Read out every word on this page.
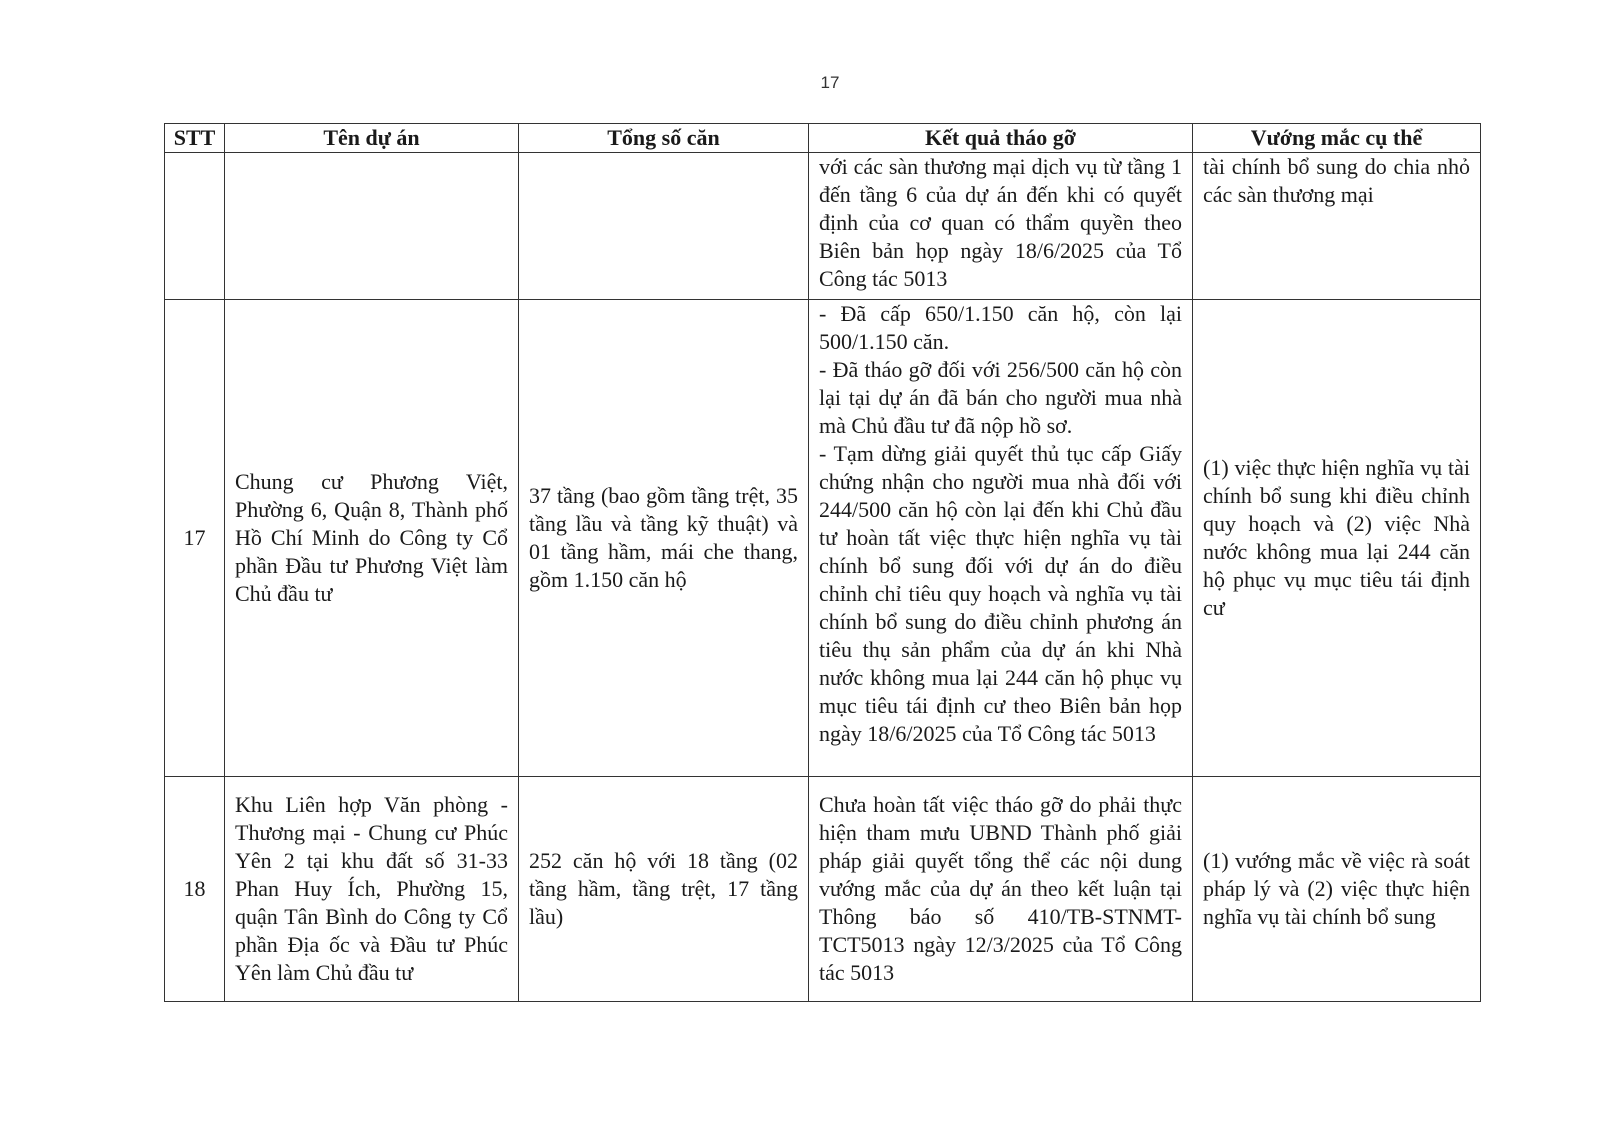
17
STT	Tên dự án	Tổng số căn	Kết quả tháo gỡ	Vướng mắc cụ thể
			với các sàn thương mại dịch vụ từ tầng 1 đến tầng 6 của dự án đến khi có quyết định của cơ quan có thẩm quyền theo Biên bản họp ngày 18/6/2025 của Tổ Công tác 5013	tài chính bổ sung do chia nhỏ các sàn thương mại
17	Chung cư Phương Việt, Phường 6, Quận 8, Thành phố Hồ Chí Minh do Công ty Cổ phần Đầu tư Phương Việt làm Chủ đầu tư	37 tầng (bao gồm tầng trệt, 35 tầng lầu và tầng kỹ thuật) và 01 tầng hầm, mái che thang, gồm 1.150 căn hộ	- Đã cấp 650/1.150 căn hộ, còn lại 500/1.150 căn.
- Đã tháo gỡ đối với 256/500 căn hộ còn lại tại dự án đã bán cho người mua nhà mà Chủ đầu tư đã nộp hồ sơ.
- Tạm dừng giải quyết thủ tục cấp Giấy chứng nhận cho người mua nhà đối với 244/500 căn hộ còn lại đến khi Chủ đầu tư hoàn tất việc thực hiện nghĩa vụ tài chính bổ sung đối với dự án do điều chỉnh chỉ tiêu quy hoạch và nghĩa vụ tài chính bổ sung do điều chỉnh phương án tiêu thụ sản phẩm của dự án khi Nhà nước không mua lại 244 căn hộ phục vụ mục tiêu tái định cư theo Biên bản họp ngày 18/6/2025 của Tổ Công tác 5013	(1) việc thực hiện nghĩa vụ tài chính bổ sung khi điều chỉnh quy hoạch và (2) việc Nhà nước không mua lại 244 căn hộ phục vụ mục tiêu tái định cư
18	Khu Liên hợp Văn phòng - Thương mại - Chung cư Phúc Yên 2 tại khu đất số 31-33 Phan Huy Ích, Phường 15, quận Tân Bình do Công ty Cổ phần Địa ốc và Đầu tư Phúc Yên làm Chủ đầu tư	252 căn hộ với 18 tầng (02 tầng hầm, tầng trệt, 17 tầng lầu)	Chưa hoàn tất việc tháo gỡ do phải thực hiện tham mưu UBND Thành phố giải pháp giải quyết tổng thể các nội dung vướng mắc của dự án theo kết luận tại Thông báo số 410/TB-STNMT-TCT5013 ngày 12/3/2025 của Tổ Công tác 5013	(1) vướng mắc về việc rà soát pháp lý và (2) việc thực hiện nghĩa vụ tài chính bổ sung
